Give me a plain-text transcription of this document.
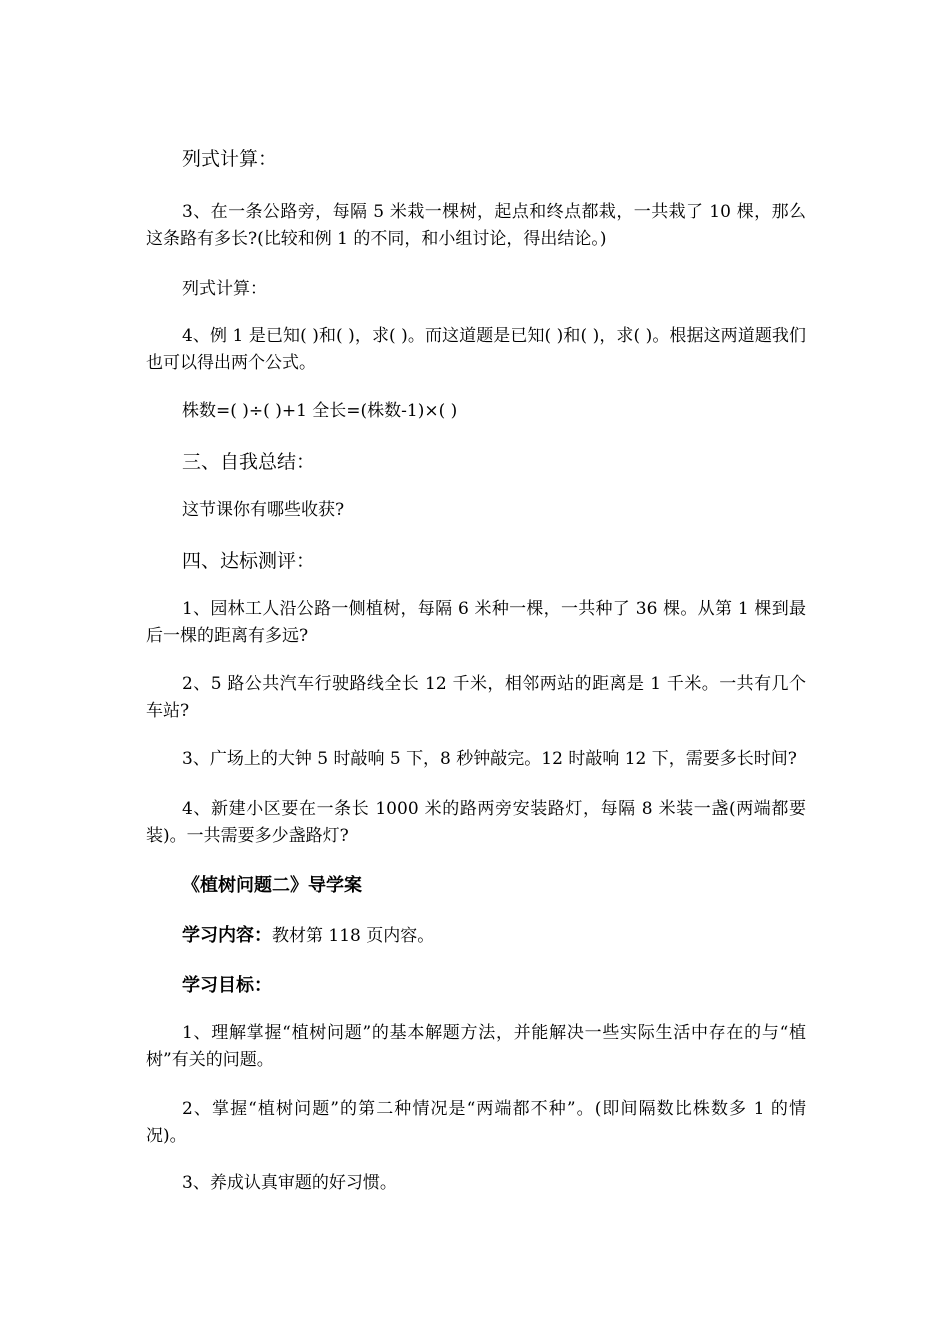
列式计算：

3、在一条公路旁，每隔 5 米栽一棵树，起点和终点都栽，一共栽了 10 棵，那么这条路有多长?(比较和例 1 的不同，和小组讨论，得出结论。)

列式计算：

4、例 1 是已知( )和( )，求( )。而这道题是已知( )和( )，求( )。根据这两道题我们也可以得出两个公式。

株数=( )÷( )+1 全长=(株数-1)×( )

三、自我总结：

这节课你有哪些收获?

四、达标测评：

1、园林工人沿公路一侧植树，每隔 6 米种一棵，一共种了 36 棵。从第 1 棵到最后一棵的距离有多远?

2、5 路公共汽车行驶路线全长 12 千米，相邻两站的距离是 1 千米。一共有几个车站?

3、广场上的大钟 5 时敲响 5 下，8 秒钟敲完。12 时敲响 12 下，需要多长时间?

4、新建小区要在一条长 1000 米的路两旁安装路灯，每隔 8 米装一盏(两端都要装)。一共需要多少盏路灯?

《植树问题二》导学案

学习内容：教材第 118 页内容。

学习目标：

1、理解掌握“植树问题”的基本解题方法，并能解决一些实际生活中存在的与“植树”有关的问题。

2、掌握“植树问题”的第二种情况是“两端都不种”。(即间隔数比株数多 1 的情况)。

3、养成认真审题的好习惯。
